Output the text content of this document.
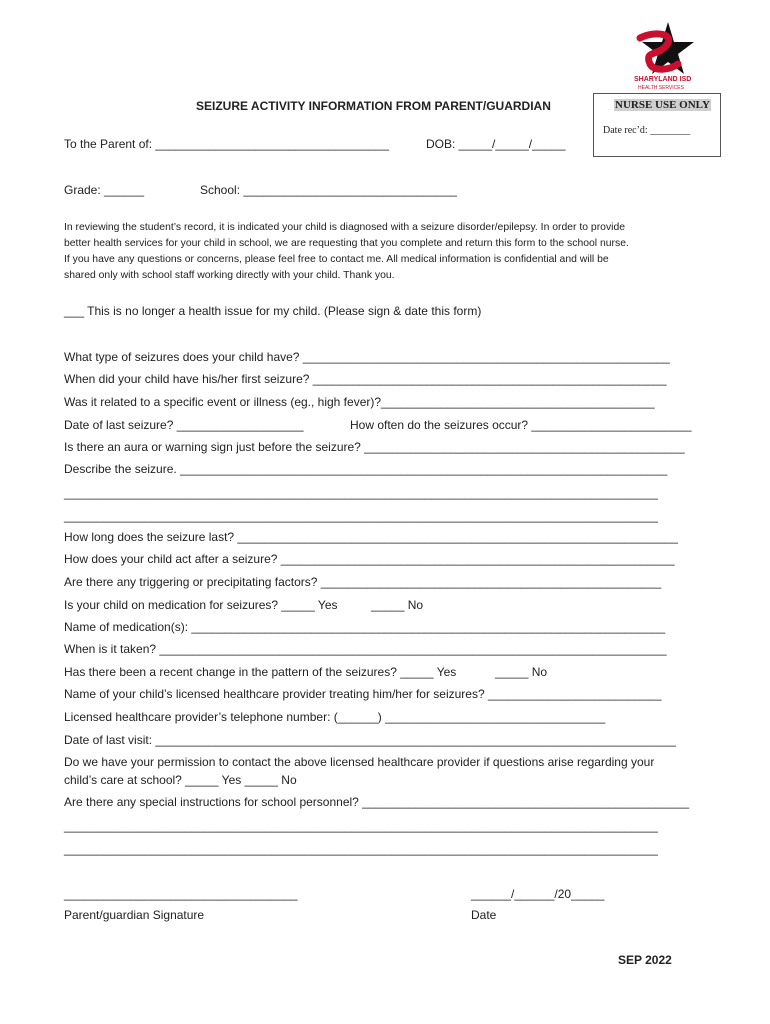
SHARYLAND ISD
HEALTH SERVICES
SEIZURE ACTIVITY INFORMATION FROM PARENT/GUARDIAN	NURSE USE ONLY
Date rec’d: ________
To the Parent of: ___________________________________	DOB: _____/_____/_____
Grade: ______	School: ________________________________
In reviewing the student’s record, it is indicated your child is diagnosed with a seizure disorder/epilepsy. In order to provide
better health services for your child in school, we are requesting that you complete and return this form to the school nurse.
If you have any questions or concerns, please feel free to contact me. All medical information is confidential and will be
shared only with school staff working directly with your child. Thank you.
___ This is no longer a health issue for my child. (Please sign & date this form)
What type of seizures does your child have? _______________________________________________________
When did your child have his/her first seizure? _____________________________________________________
Was it related to a specific event or illness (eg., high fever)?_________________________________________
Date of last seizure? ___________________	How often do the seizures occur? ________________________
Is there an aura or warning sign just before the seizure? ________________________________________________
Describe the seizure. _________________________________________________________________________
_________________________________________________________________________________________
_________________________________________________________________________________________
How long does the seizure last? __________________________________________________________________
How does your child act after a seizure? ___________________________________________________________
Are there any triggering or precipitating factors? ___________________________________________________
Is your child on medication for seizures? _____ Yes	_____ No
Name of medication(s): _______________________________________________________________________
When is it taken? ____________________________________________________________________________
Has there been a recent change in the pattern of the seizures? _____ Yes	_____ No
Name of your child’s licensed healthcare provider treating him/her for seizures? __________________________
Licensed healthcare provider’s telephone number: (______) _________________________________
Date of last visit: ______________________________________________________________________________
Do we have your permission to contact the above licensed healthcare provider if questions arise regarding your
child’s care at school? _____ Yes _____ No
Are there any special instructions for school personnel? _________________________________________________
_________________________________________________________________________________________
_________________________________________________________________________________________
___________________________________
Parent/guardian Signature
______/______/20_____
Date
SEP 2022
